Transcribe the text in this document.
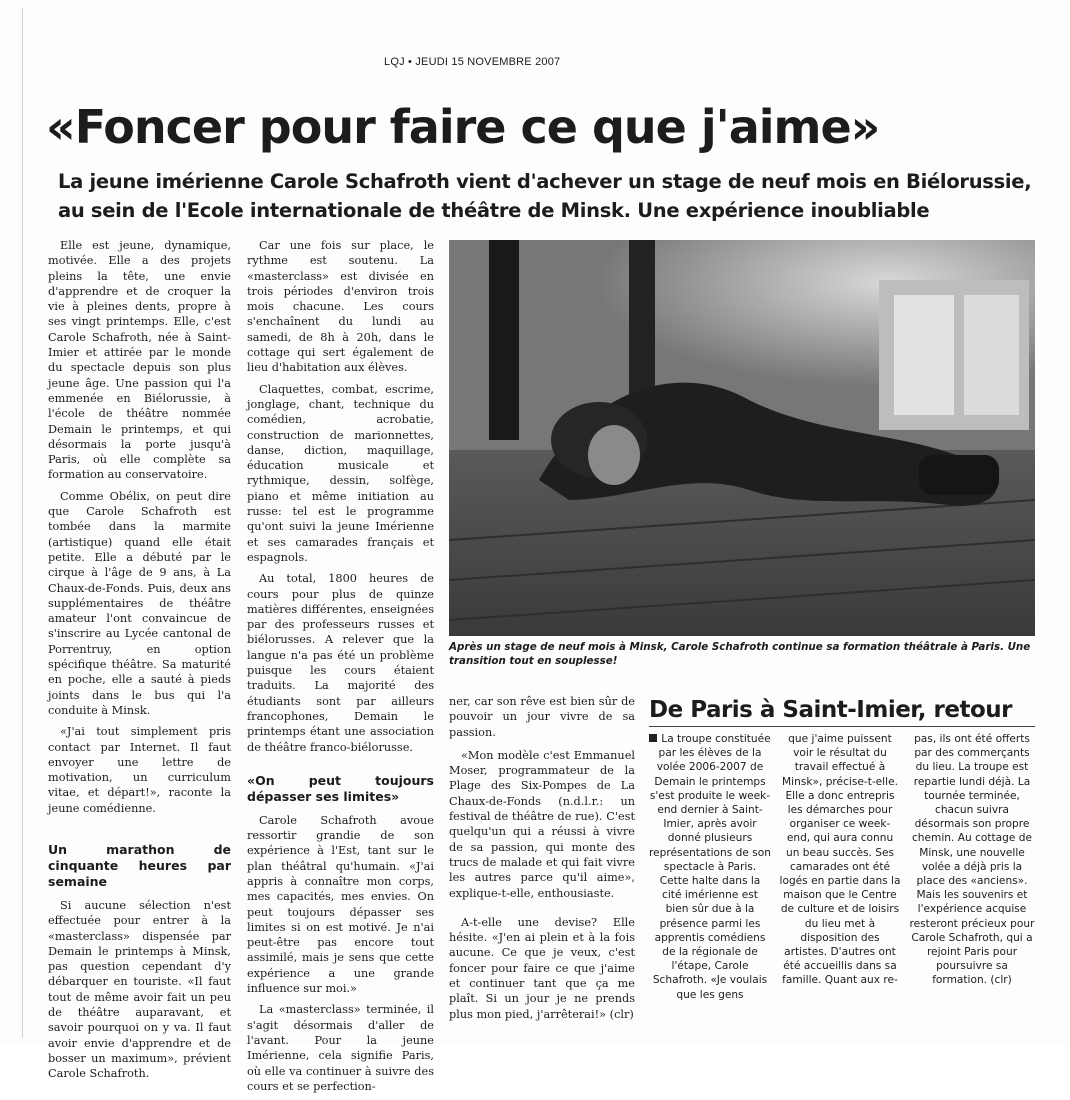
LQJ • JEUDI 15 NOVEMBRE 2007
«Foncer pour faire ce que j'aime»
La jeune imérienne Carole Schafroth vient d'achever un stage de neuf mois en Biélorussie,
au sein de l'Ecole internationale de théâtre de Minsk. Une expérience inoubliable

Elle est jeune, dynamique, motivée. Elle a des projets pleins la tête, une envie d'apprendre et de croquer la vie à pleines dents, propre à ses vingt printemps. Elle, c'est Carole Schafroth, née à Saint-Imier et attirée par le monde du spectacle depuis son plus jeune âge. Une passion qui l'a emmenée en Biélorussie, à l'école de théâtre nommée Demain le printemps, et qui désormais la porte jusqu'à Paris, où elle complète sa formation au conservatoire.

Comme Obélix, on peut dire que Carole Schafroth est tombée dans la marmite (artistique) quand elle était petite. Elle a débuté par le cirque à l'âge de 9 ans, à La Chaux-de-Fonds. Puis, deux ans supplémentaires de théâtre amateur l'ont convaincue de s'inscrire au Lycée cantonal de Porrentruy, en option spécifique théâtre. Sa maturité en poche, elle a sauté à pieds joints dans le bus qui l'a conduite à Minsk.

«J'ai tout simplement pris contact par Internet. Il faut envoyer une lettre de motivation, un curriculum vitae, et départ!», raconte la jeune comédienne.

Un marathon de cinquante heures par semaine

Si aucune sélection n'est effectuée pour entrer à la «masterclass» dispensée par Demain le printemps à Minsk, pas question cependant d'y débarquer en touriste. «Il faut tout de même avoir fait un peu de théâtre auparavant, et savoir pourquoi on y va. Il faut avoir envie d'apprendre et de bosser un maximum», prévient Carole Schafroth.

Car une fois sur place, le rythme est soutenu. La «masterclass» est divisée en trois périodes d'environ trois mois chacune. Les cours s'enchaînent du lundi au samedi, de 8h à 20h, dans le cottage qui sert également de lieu d'habitation aux élèves.

Claquettes, combat, escrime, jonglage, chant, technique du comédien, acrobatie, construction de marionnettes, danse, diction, maquillage, éducation musicale et rythmique, dessin, solfège, piano et même initiation au russe: tel est le programme qu'ont suivi la jeune Imérienne et ses camarades français et espagnols.

Au total, 1800 heures de cours pour plus de quinze matières différentes, enseignées par des professeurs russes et biélorusses. A relever que la langue n'a pas été un problème puisque les cours étaient traduits. La majorité des étudiants sont par ailleurs francophones, Demain le printemps étant une association de théâtre franco-biélorusse.

«On peut toujours dépasser ses limites»

Carole Schafroth avoue ressortir grandie de son expérience à l'Est, tant sur le plan théâtral qu'humain. «J'ai appris à connaître mon corps, mes capacités, mes envies. On peut toujours dépasser ses limites si on est motivé. Je n'ai peut-être pas encore tout assimilé, mais je sens que cette expérience a une grande influence sur moi.»

La «masterclass» terminée, il s'agit désormais d'aller de l'avant. Pour la jeune Imérienne, cela signifie Paris, où elle va continuer à suivre des cours et se perfection-

Après un stage de neuf mois à Minsk, Carole Schafroth continue sa formation théâtrale à Paris. Une transition tout en souplesse!

ner, car son rêve est bien sûr de pouvoir un jour vivre de sa passion.

«Mon modèle c'est Emmanuel Moser, programmateur de la Plage des Six-Pompes de La Chaux-de-Fonds (n.d.l.r.: un festival de théâtre de rue). C'est quelqu'un qui a réussi à vivre de sa passion, qui monte des trucs de malade et qui fait vivre les autres parce qu'il aime», explique-t-elle, enthousiaste.

A-t-elle une devise? Elle hésite. «J'en ai plein et à la fois aucune. Ce que je veux, c'est foncer pour faire ce que j'aime et continuer tant que ça me plaît. Si un jour je ne prends plus mon pied, j'arrêterai!» (clr)

De Paris à Saint-Imier, retour

La troupe constituée par les élèves de la volée 2006-2007 de Demain le printemps s'est produite le week-end dernier à Saint-Imier, après avoir donné plusieurs représentations de son spectacle à Paris. Cette halte dans la cité imérienne est bien sûr due à la présence parmi les apprentis comédiens de la régionale de l'étape, Carole Schafroth. «Je voulais que les gens

que j'aime puissent voir le résultat du travail effectué à Minsk», précise-t-elle. Elle a donc entrepris les démarches pour organiser ce week-end, qui aura connu un beau succès. Ses camarades ont été logés en partie dans la maison que le Centre de culture et de loisirs du lieu met à disposition des artistes. D'autres ont été accueillis dans sa famille. Quant aux re-

pas, ils ont été offerts par des commerçants du lieu. La troupe est repartie lundi déjà. La tournée terminée, chacun suivra désormais son propre chemin. Au cottage de Minsk, une nouvelle volée a déjà pris la place des «anciens». Mais les souvenirs et l'expérience acquise resteront précieux pour Carole Schafroth, qui a rejoint Paris pour poursuivre sa formation. (clr)
